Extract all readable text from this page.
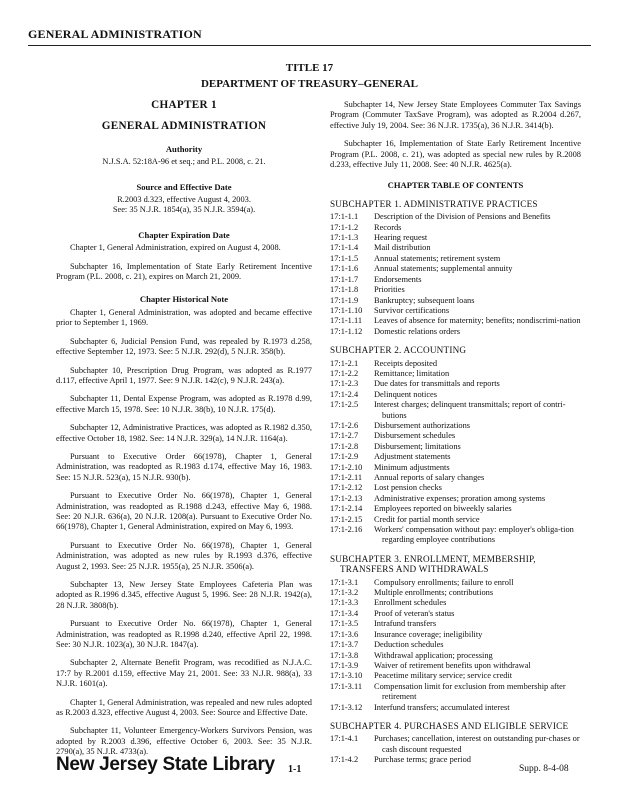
GENERAL ADMINISTRATION
TITLE 17
DEPARTMENT OF TREASURY–GENERAL
CHAPTER 1
GENERAL ADMINISTRATION
Authority
N.J.S.A. 52:18A-96 et seq.; and P.L. 2008, c. 21.
Source and Effective Date
R.2003 d.323, effective August 4, 2003.
See: 35 N.J.R. 1854(a), 35 N.J.R. 3594(a).
Chapter Expiration Date
Chapter 1, General Administration, expired on August 4, 2008.
Subchapter 16, Implementation of State Early Retirement Incentive Program (P.L. 2008, c. 21), expires on March 21, 2009.
Chapter Historical Note
Chapter 1, General Administration, was adopted and became effective prior to September 1, 1969.
Subchapter 6, Judicial Pension Fund, was repealed by R.1973 d.258, effective September 12, 1973. See: 5 N.J.R. 292(d), 5 N.J.R. 358(b).
Subchapter 10, Prescription Drug Program, was adopted as R.1977 d.117, effective April 1, 1977. See: 9 N.J.R. 142(c), 9 N.J.R. 243(a).
Subchapter 11, Dental Expense Program, was adopted as R.1978 d.99, effective March 15, 1978. See: 10 N.J.R. 38(b), 10 N.J.R. 175(d).
Subchapter 12, Administrative Practices, was adopted as R.1982 d.350, effective October 18, 1982. See: 14 N.J.R. 329(a), 14 N.J.R. 1164(a).
Pursuant to Executive Order 66(1978), Chapter 1, General Administration, was readopted as R.1983 d.174, effective May 16, 1983. See: 15 N.J.R. 523(a), 15 N.J.R. 930(b).
Pursuant to Executive Order No. 66(1978), Chapter 1, General Administration, was readopted as R.1988 d.243, effective May 6, 1988. See: 20 N.J.R. 636(a), 20 N.J.R. 1208(a). Pursuant to Executive Order No. 66(1978), Chapter 1, General Administration, expired on May 6, 1993.
Pursuant to Executive Order No. 66(1978), Chapter 1, General Administration, was adopted as new rules by R.1993 d.376, effective August 2, 1993. See: 25 N.J.R. 1955(a), 25 N.J.R. 3506(a).
Subchapter 13, New Jersey State Employees Cafeteria Plan was adopted as R.1996 d.345, effective August 5, 1996. See: 28 N.J.R. 1942(a), 28 N.J.R. 3808(b).
Pursuant to Executive Order No. 66(1978), Chapter 1, General Administration, was readopted as R.1998 d.240, effective April 22, 1998. See: 30 N.J.R. 1023(a), 30 N.J.R. 1847(a).
Subchapter 2, Alternate Benefit Program, was recodified as N.J.A.C. 17:7 by R.2001 d.159, effective May 21, 2001. See: 33 N.J.R. 988(a), 33 N.J.R. 1601(a).
Chapter 1, General Administration, was repealed and new rules adopted as R.2003 d.323, effective August 4, 2003. See: Source and Effective Date.
Subchapter 11, Volunteer Emergency-Workers Survivors Pension, was adopted by R.2003 d.396, effective October 6, 2003. See: 35 N.J.R. 2790(a), 35 N.J.R. 4733(a).
Subchapter 14, New Jersey State Employees Commuter Tax Savings Program (Commuter TaxSave Program), was adopted as R.2004 d.267, effective July 19, 2004. See: 36 N.J.R. 1735(a), 36 N.J.R. 3414(b).
Subchapter 16, Implementation of State Early Retirement Incentive Program (P.L. 2008, c. 21), was adopted as special new rules by R.2008 d.233, effective July 11, 2008. See: 40 N.J.R. 4625(a).
CHAPTER TABLE OF CONTENTS
SUBCHAPTER 1. ADMINISTRATIVE PRACTICES
17:1-1.1	Description of the Division of Pensions and Benefits
17:1-1.2	Records
17:1-1.3	Hearing request
17:1-1.4	Mail distribution
17:1-1.5	Annual statements; retirement system
17:1-1.6	Annual statements; supplemental annuity
17:1-1.7	Endorsements
17:1-1.8	Priorities
17:1-1.9	Bankruptcy; subsequent loans
17:1-1.10	Survivor certifications
17:1-1.11	Leaves of absence for maternity; benefits; nondiscrimi-nation
17:1-1.12	Domestic relations orders
SUBCHAPTER 2. ACCOUNTING
17:1-2.1	Receipts deposited
17:1-2.2	Remittance; limitation
17:1-2.3	Due dates for transmittals and reports
17:1-2.4	Delinquent notices
17:1-2.5	Interest charges; delinquent transmittals; report of contri-butions
17:1-2.6	Disbursement authorizations
17:1-2.7	Disbursement schedules
17:1-2.8	Disbursement; limitations
17:1-2.9	Adjustment statements
17:1-2.10	Minimum adjustments
17:1-2.11	Annual reports of salary changes
17:1-2.12	Lost pension checks
17:1-2.13	Administrative expenses; proration among systems
17:1-2.14	Employees reported on biweekly salaries
17:1-2.15	Credit for partial month service
17:1-2.16	Workers' compensation without pay: employer's obliga-tion regarding employee contributions
SUBCHAPTER 3. ENROLLMENT, MEMBERSHIP, TRANSFERS AND WITHDRAWALS
17:1-3.1	Compulsory enrollments; failure to enroll
17:1-3.2	Multiple enrollments; contributions
17:1-3.3	Enrollment schedules
17:1-3.4	Proof of veteran's status
17:1-3.5	Intrafund transfers
17:1-3.6	Insurance coverage; ineligibility
17:1-3.7	Deduction schedules
17:1-3.8	Withdrawal application; processing
17:1-3.9	Waiver of retirement benefits upon withdrawal
17:1-3.10	Peacetime military service; service credit
17:1-3.11	Compensation limit for exclusion from membership after retirement
17:1-3.12	Interfund transfers; accumulated interest
SUBCHAPTER 4. PURCHASES AND ELIGIBLE SERVICE
17:1-4.1	Purchases; cancellation, interest on outstanding pur-chases or cash discount requested
17:1-4.2	Purchase terms; grace period
New Jersey State Library 1-1	Supp. 8-4-08
